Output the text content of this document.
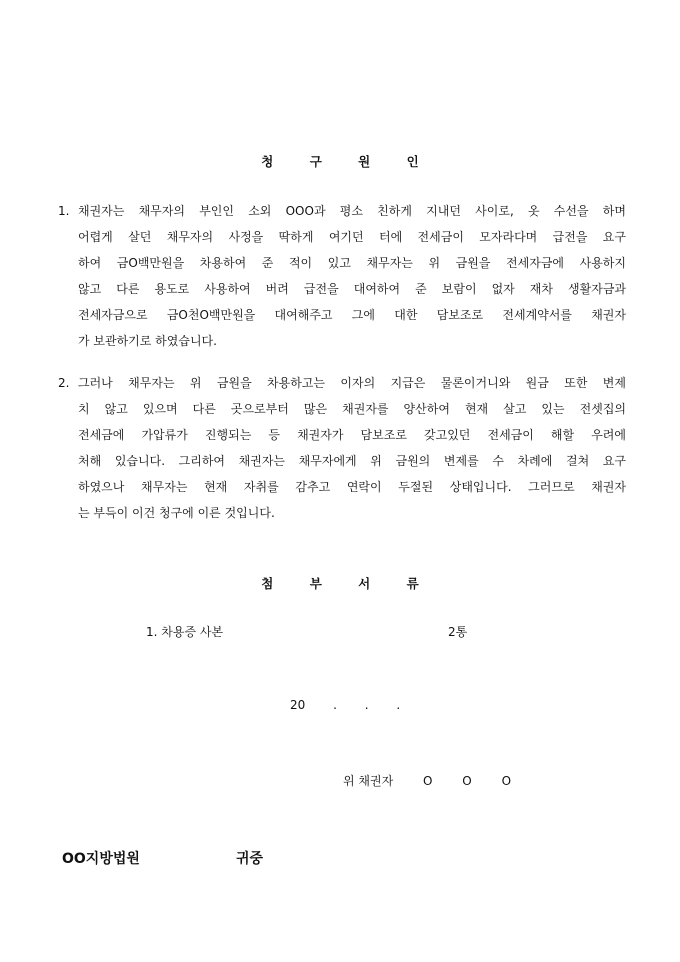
청	구	원	인
1. 채권자는 채무자의 부인인 소외 OOO과 평소 친하게 지내던 사이로, 옷 수선을 하며
어렵게 살던 채무자의 사정을 딱하게 여기던 터에 전세금이 모자라다며 급전을 요구
하여 금O백만원을 차용하여 준 적이 있고 채무자는 위 금원을 전세자금에 사용하지
않고 다른 용도로 사용하여 버려 급전을 대여하여 준 보람이 없자 재차 생활자금과
전세자금으로 금O천O백만원을 대여해주고 그에 대한 담보조로 전세계약서를 채권자
가 보관하기로 하였습니다.
2. 그러나 채무자는 위 금원을 차용하고는 이자의 지급은 물론이거니와 원금 또한 변제
치 않고 있으며 다른 곳으로부터 많은 채권자를 양산하여 현재 살고 있는 전셋집의
전세금에 가압류가 진행되는 등 채권자가 담보조로 갖고있던 전세금이 해할 우려에
처해 있습니다. 그리하여 채권자는 채무자에게 위 금원의 변제를 수 차례에 걸쳐 요구
하였으나 채무자는 현재 자취를 감추고 연락이 두절된 상태입니다. 그러므로 채권자
는 부득이 이건 청구에 이른 것입니다.
첨	부	서	류
1. 차용증 사본	2통
20 . . .
위 채권자 O O O
OO지방법원	귀중
